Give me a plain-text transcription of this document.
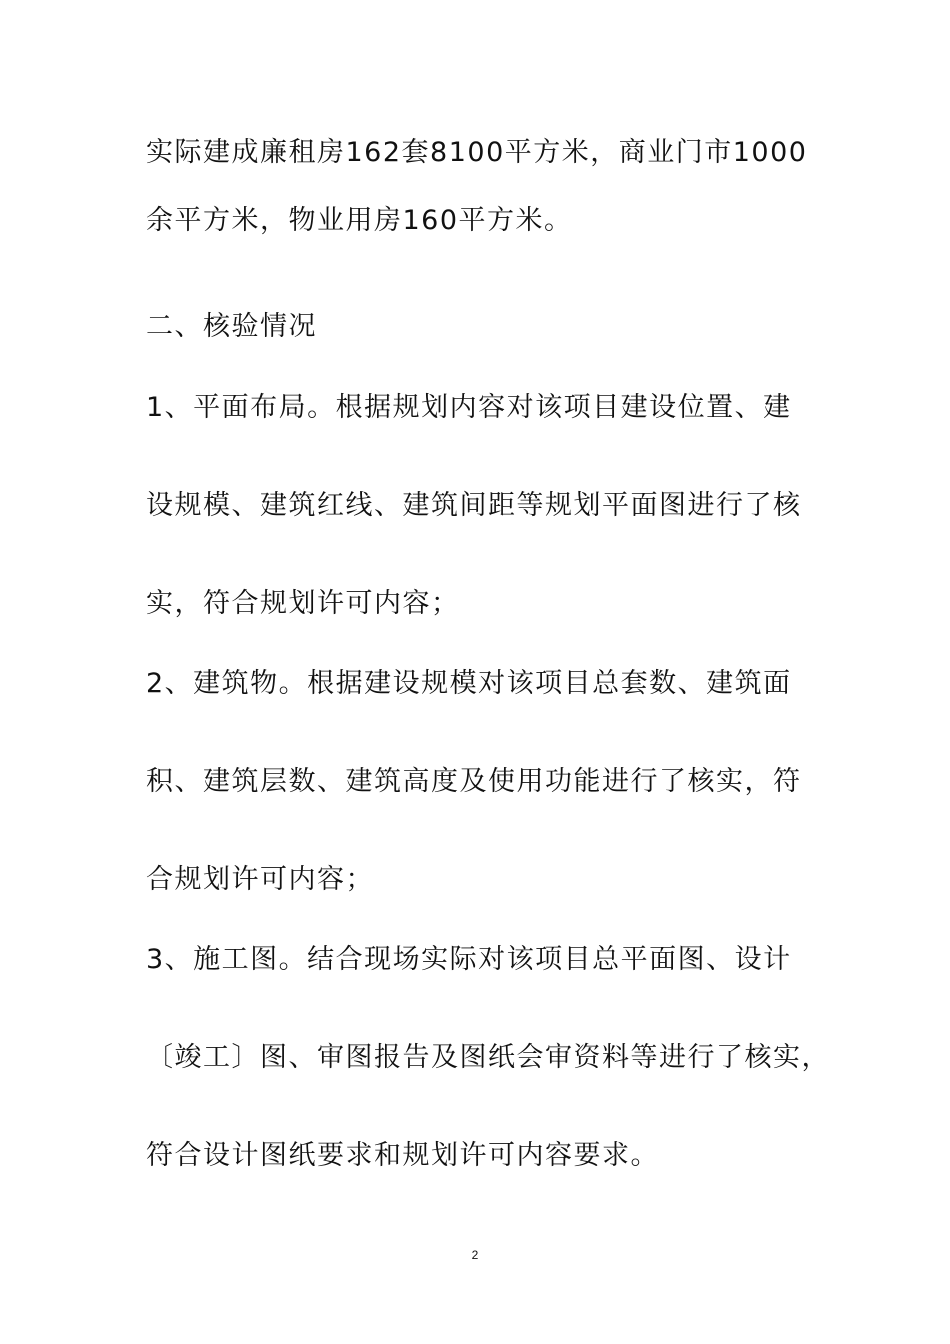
实际建成廉租房162套8100平方米，商业门市1000
余平方米，物业用房160平方米。
二、核验情况
1、平面布局。根据规划内容对该项目建设位置、建
设规模、建筑红线、建筑间距等规划平面图进行了核
实，符合规划许可内容；
2、建筑物。根据建设规模对该项目总套数、建筑面
积、建筑层数、建筑高度及使用功能进行了核实，符
合规划许可内容；
3、施工图。结合现场实际对该项目总平面图、设计
〔竣工〕图、审图报告及图纸会审资料等进行了核实，
符合设计图纸要求和规划许可内容要求。
2
